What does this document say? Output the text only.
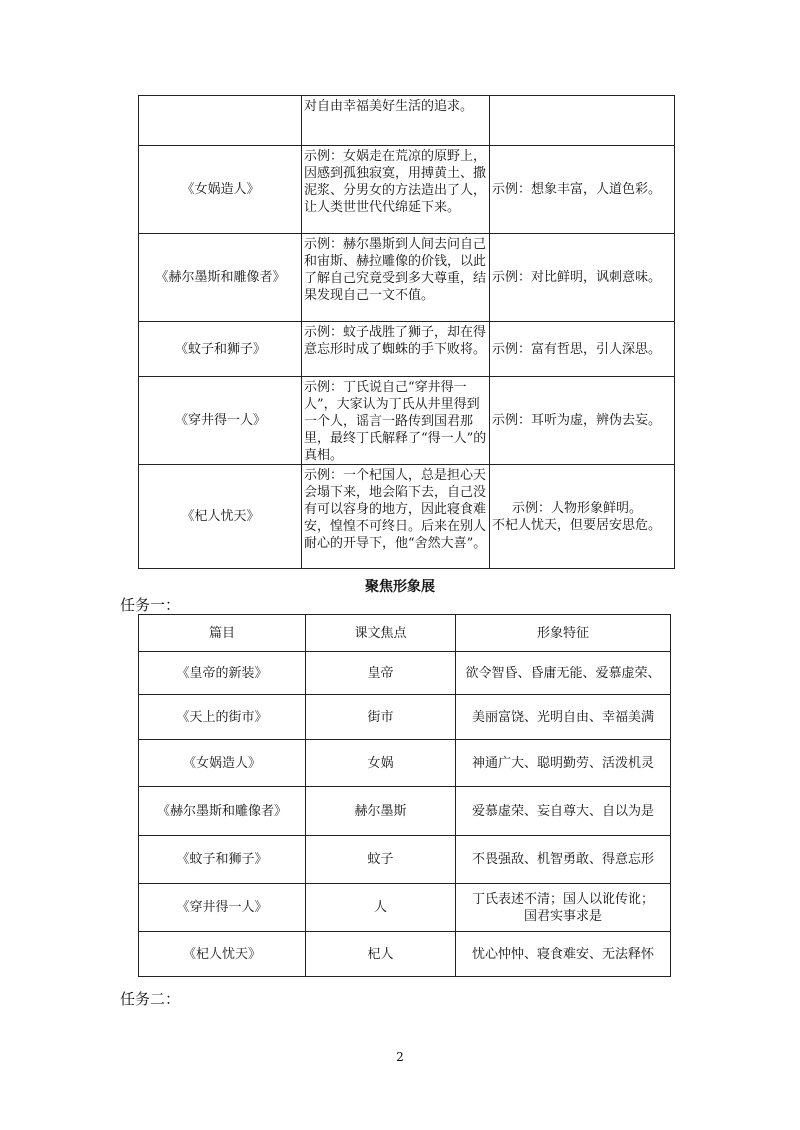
	对自由幸福美好生活的追求。	
《女娲造人》	示例：女娲走在荒凉的原野上，因感到孤独寂寞，用搏黄土、撒泥浆、分男女的方法造出了人，让人类世世代代绵延下来。	示例：想象丰富，人道色彩。
《赫尔墨斯和雕像者》	示例：赫尔墨斯到人间去问自己和宙斯、赫拉雕像的价钱，以此了解自己究竟受到多大尊重，结果发现自己一文不值。	示例：对比鲜明，讽刺意味。
《蚊子和狮子》	示例：蚊子战胜了狮子，却在得意忘形时成了蜘蛛的手下败将。	示例：富有哲思，引人深思。
《穿井得一人》	示例：丁氏说自己“穿井得一人”，大家认为丁氏从井里得到一个人，谣言一路传到国君那里，最终丁氏解释了“得一人”的真相。	示例：耳听为虚，辨伪去妄。
《杞人忧天》	示例：一个杞国人，总是担心天会塌下来，地会陷下去，自己没有可以容身的地方，因此寝食难安，惶惶不可终日。后来在别人耐心的开导下，他“舍然大喜”。	示例：人物形象鲜明。
不杞人忧天，但要居安思危。
聚焦形象展
任务一：
篇目	课文焦点	形象特征
《皇帝的新装》	皇帝	欲令智昏、昏庸无能、爱慕虚荣、
《天上的街市》	街市	美丽富饶、光明自由、幸福美满
《女娲造人》	女娲	神通广大、聪明勤劳、活泼机灵
《赫尔墨斯和雕像者》	赫尔墨斯	爱慕虚荣、妄自尊大、自以为是
《蚊子和狮子》	蚊子	不畏强敌、机智勇敢、得意忘形
《穿井得一人》	人	丁氏表述不清；国人以讹传讹；
国君实事求是

《杞人忧天》	杞人	忧心忡忡、寝食难安、无法释怀
任务二：
2
